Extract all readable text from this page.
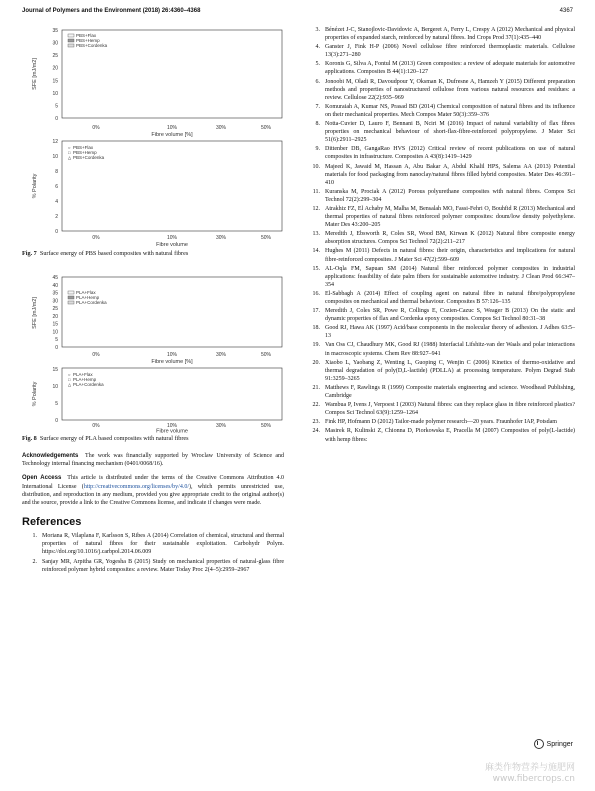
Journal of Polymers and the Environment (2018) 26:4360–4368	4367
0
5
10
15
20
25
30
35
SFE [mJ/m2]
PBS+Flax
PBS+Hemp
PBS+Cordenka
0%	10%	30%	50%
Fibre volume [%]
0
2
4
6
8
10
12
% Polarity
○ PBS+Flax
□ PBS+Hemp
△ PBS+Cordenka
0%	10%	30%	50%
Fibre volume
Fig. 7 Surface energy of PBS based composites with natural fibres
0
5
10
15
20
25
30
35
40
45
SFE [mJ/m2]
PLA+Flax
PLA+Hemp
PLA+Cordenka
0%	10%	30%	50%
Fibre volume [%]
0
5
10
15
% Polarity
○ PLA+Flax
□ PLA+Hemp
△ PLA+Cordenka
0%	10%	30%	50%
Fibre volume
Fig. 8 Surface energy of PLA based composites with natural fibres
Acknowledgements The work was financially supported by Wroclaw University of Science and Technology internal financing mechanism (0401/0068/16).
Open Access This article is distributed under the terms of the Creative Commons Attribution 4.0 International License (http://creativecommons.org/licenses/by/4.0/), which permits unrestricted use, distribution, and reproduction in any medium, provided you give appropriate credit to the original author(s) and the source, provide a link to the Creative Commons license, and indicate if changes were made.
References
1. Moriana R, Vilaplana F, Karlsson S, Ribes A (2014) Correlation of chemical, structural and thermal properties of natural fibres for their sustainable exploitation. Carbohydr Polym. https://doi.org/10.1016/j.carbpol.2014.06.009
2. Sanjay MR, Arpitha GR, Yogesha B (2015) Study on mechanical properties of natural-glass fibre reinforced polymer hybrid composites: a review. Mater Today Proc 2(4–5):2959–2967
3. Bénézet J-C, Stanojlovic-Davidovic A, Bergeret A, Ferry L, Crespy A (2012) Mechanical and physical properties of expanded starch, reinforced by natural fibres. Ind Crops Prod 37(1):435–440
4. Ganster J, Fink H-P (2006) Novel cellulose fibre reinforced thermoplastic materials. Cellulose 13(3):271–280
5. Koronis G, Silva A, Fontul M (2013) Green composites: a review of adequate materials for automotive applications. Composites B 44(1):120–127
6. Jonoobi M, Oladi R, Davoudpour Y, Oksman K, Dufresne A, Hamzeh Y (2015) Different preparation methods and properties of nanostructured cellulose from various natural resources and residues: a review. Cellulose 22(2):935–969
7. Komuraiah A, Kumar NS, Prasad BD (2014) Chemical composition of natural fibres and its influence on their mechanical properties. Mech Compos Mater 50(3):359–376
8. Notta-Cuvier D, Lauro F, Bennani B, Nciri M (2016) Impact of natural variability of flax fibres properties on mechanical behaviour of short-flax-fibre-reinforced polypropylene. J Mater Sci 51(6):2911–2925
9. Dittenber DB, GangaRao HVS (2012) Critical review of recent publications on use of natural composites in infrastructure. Composites A 43(8):1419–1429
10. Majeed K, Jawaid M, Hassan A, Abu Bakar A, Abdul Khalil HPS, Salema AA (2013) Potential materials for food packaging from nanoclay/natural fibres filled hybrid composites. Mater Des 46:391–410
11. Kuranska M, Prociak A (2012) Porous polyurethane composites with natural fibres. Compos Sci Technol 72(2):299–304
12. Atrakhiz FZ, El Achaby M, Malha M, Bensalah MO, Fassi-Fehri O, Bouhfid R (2013) Mechanical and thermal properties of natural fibres reinforced polymer composites: doum/low density polyethylene. Mater Des 43:200–205
13. Meredith J, Ebsworth R, Coles SR, Wood BM, Kirwan K (2012) Natural fibre composite energy absorption structures. Compos Sci Technol 72(2):211–217
14. Hughes M (2011) Defects in natural fibres: their origin, characteristics and implications for natural fibre-reinforced composites. J Mater Sci 47(2):599–609
15. AL-Oqla FM, Sapuan SM (2014) Natural fiber reinforced polymer composites in industrial applications: feasibility of date palm fibers for sustainable automotive industry. J Clean Prod 66:347–354
16. El-Sabbagh A (2014) Effect of coupling agent on natural fibre in natural fibre/polypropylene composites on mechanical and thermal behaviour. Composites B 57:126–135
17. Meredith J, Coles SR, Powe R, Collings E, Cozien-Cazuc S, Weager B (2013) On the static and dynamic properties of flax and Cordenka epoxy composites. Compos Sci Technol 80:31–38
18. Good RJ, Hawa AK (1997) Acid/base components in the molecular theory of adhesion. J Adhes 63:5–13
19. Van Oss CJ, Chaudhury MK, Good RJ (1988) Interfacial Lifshitz-van der Waals and polar interactions in macroscopic systems. Chem Rev 88:927–941
20. Xiaobo L, Yaobang Z, Wenting L, Guoping C, Wenjin C (2006) Kinetics of thermo-oxidative and thermal degradation of poly(D,L-lactide) (PDLLA) at processing temperature. Polym Degrad Stab 91:3259–3265
21. Matthews F, Rawlings R (1999) Composite materials engineering and science. Woodhead Publishing, Cambridge
22. Wambua P, Ivens J, Verpoest I (2003) Natural fibres: can they replace glass in fibre reinforced plastics? Compos Sci Technol 63(9):1259–1264
23. Fink HP, Hofmann D (2012) Tailor-made polymer research—20 years. Fraunhofer IAP, Potsdam
24. Masirek R, Kulinski Z, Chionna D, Piorkowska E, Pracella M (2007) Composites of poly(L-lactide) with hemp fibres:
Springer
麻类作物营养与施肥网
www.fibercrops.cn
